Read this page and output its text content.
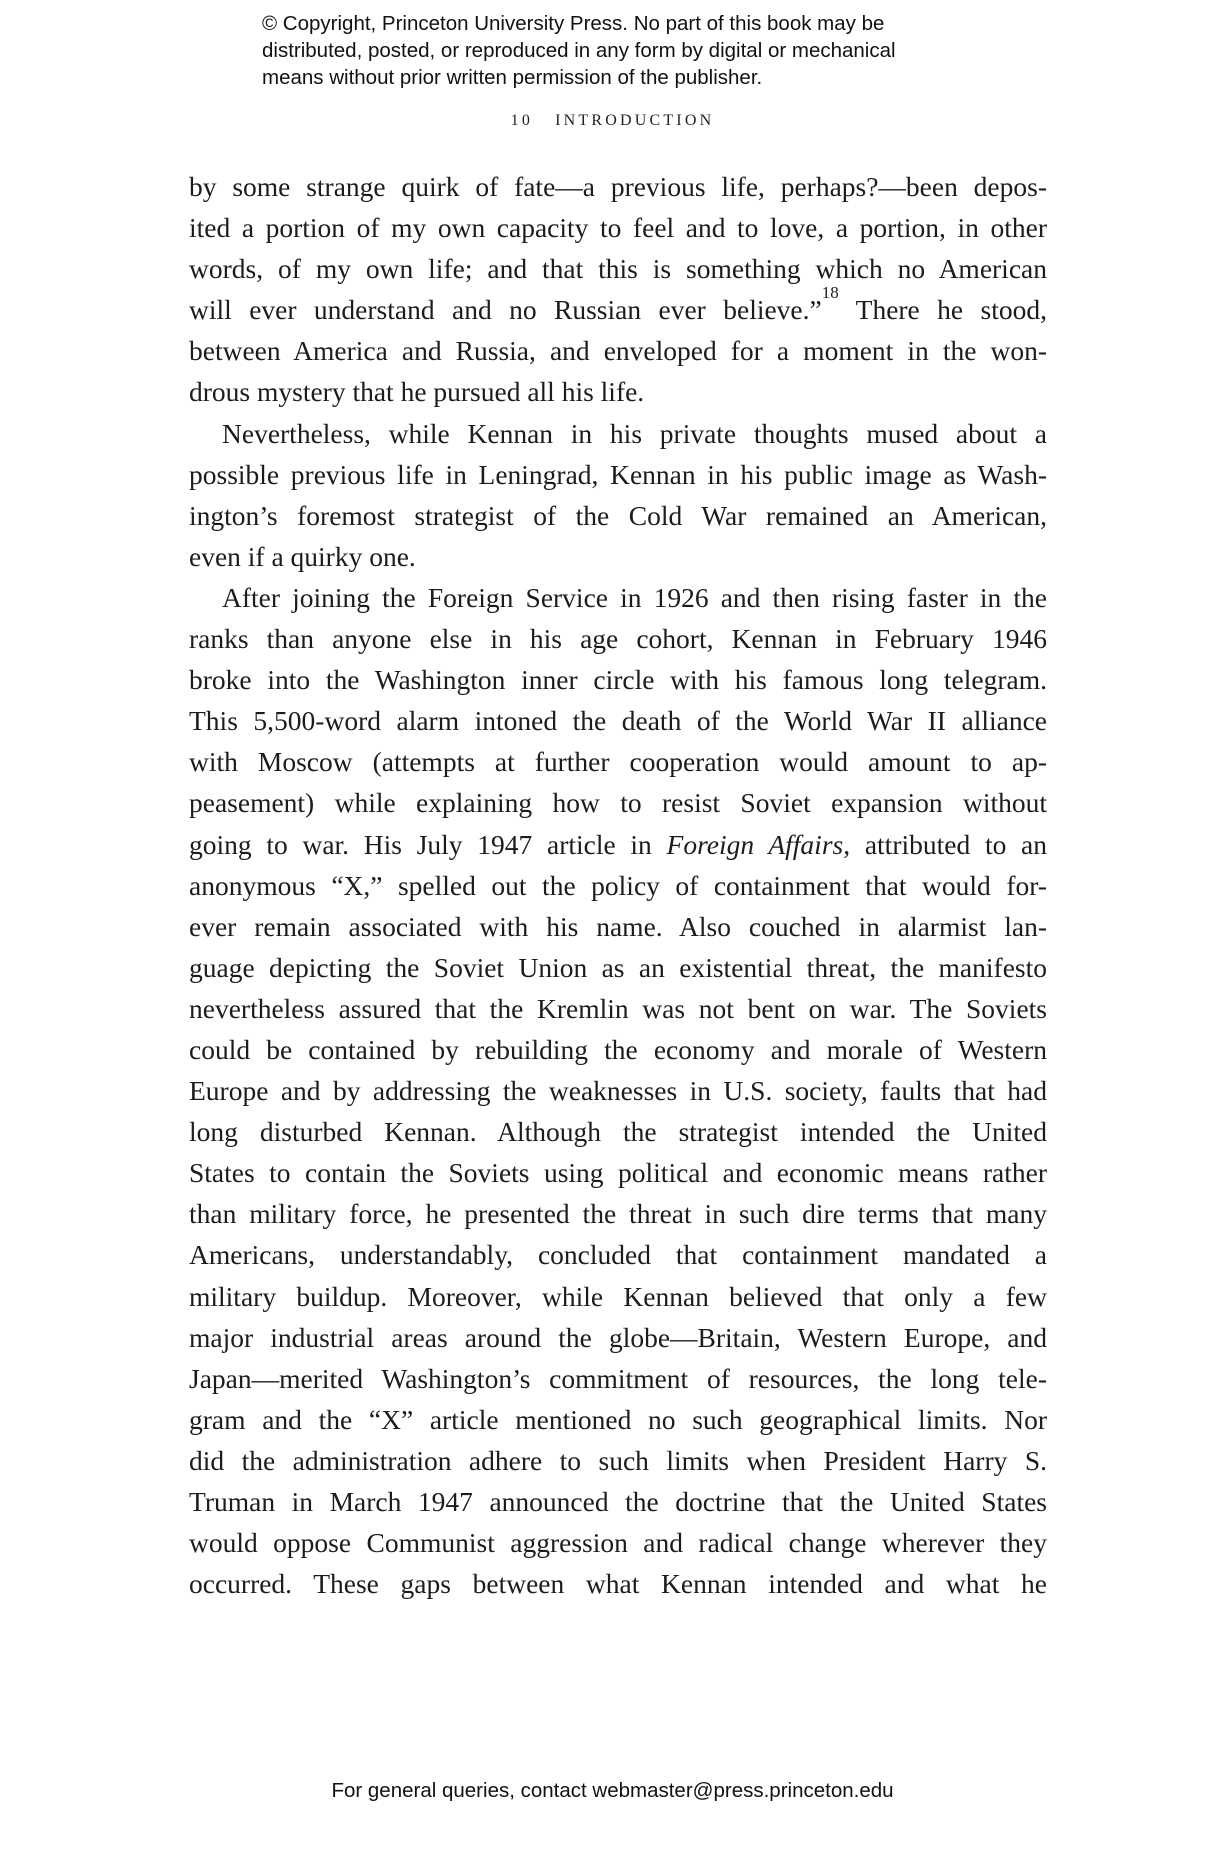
© Copyright, Princeton University Press. No part of this book may be
distributed, posted, or reproduced in any form by digital or mechanical
means without prior written permission of the publisher.
10 INTRODUCTION
by some strange quirk of fate—a previous life, perhaps?—been depos-
ited a portion of my own capacity to feel and to love, a portion, in other
words, of my own life; and that this is something which no American
will ever understand and no Russian ever believe.”$^{18}$ There he stood,
between America and Russia, and enveloped for a moment in the won-
drous mystery that he pursued all his life.
Nevertheless, while Kennan in his private thoughts mused about a
possible previous life in Leningrad, Kennan in his public image as Wash-
ington’s foremost strategist of the Cold War remained an American,
even if a quirky one.
After joining the Foreign Service in 1926 and then rising faster in the
ranks than anyone else in his age cohort, Kennan in February 1946
broke into the Washington inner circle with his famous long telegram.
This 5,500-word alarm intoned the death of the World War II alliance
with Moscow (attempts at further cooperation would amount to ap-
peasement) while explaining how to resist Soviet expansion without
going to war. His July 1947 article in Foreign Affairs, attributed to an
anonymous “X,” spelled out the policy of containment that would for-
ever remain associated with his name. Also couched in alarmist lan-
guage depicting the Soviet Union as an existential threat, the manifesto
nevertheless assured that the Kremlin was not bent on war. The Soviets
could be contained by rebuilding the economy and morale of Western
Europe and by addressing the weaknesses in U.S. society, faults that had
long disturbed Kennan. Although the strategist intended the United
States to contain the Soviets using political and economic means rather
than military force, he presented the threat in such dire terms that many
Americans, understandably, concluded that containment mandated a
military buildup. Moreover, while Kennan believed that only a few
major industrial areas around the globe—Britain, Western Europe, and
Japan—merited Washington’s commitment of resources, the long tele-
gram and the “X” article mentioned no such geographical limits. Nor
did the administration adhere to such limits when President Harry S.
Truman in March 1947 announced the doctrine that the United States
would oppose Communist aggression and radical change wherever they
occurred. These gaps between what Kennan intended and what he
For general queries, contact webmaster@press.princeton.edu
